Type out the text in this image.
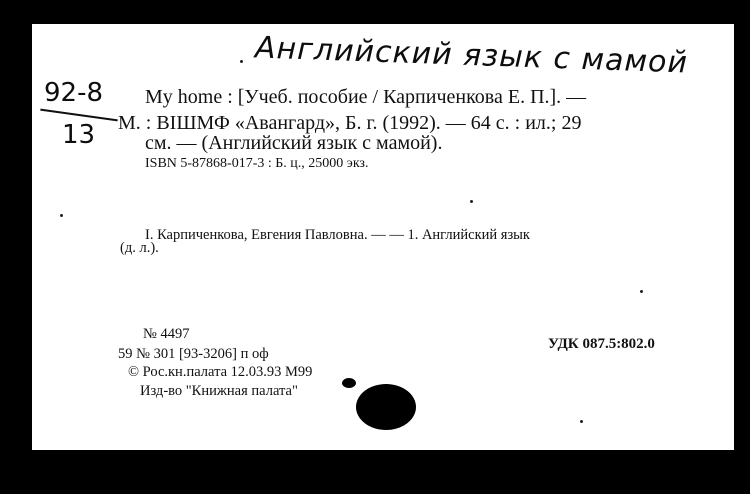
Английский язык с мамой
92-8
13
My home : [Учеб. пособие / Карпиченкова Е. П.]. —
М. : ВІШМФ «Авангард», Б. г. (1992). — 64 с. : ил.; 29
см. — (Английский язык с мамой).
ISBN 5-87868-017-3 : Б. ц., 25000 экз.
I. Карпиченкова, Евгения Павловна. — — 1. Английский язык
(д. л.).
№ 4497
59 № 301 [93-3206] п оф
© Рос.кн.палата 12.03.93 М99
Изд-во "Книжная палата"
УДК 087.5:802.0
